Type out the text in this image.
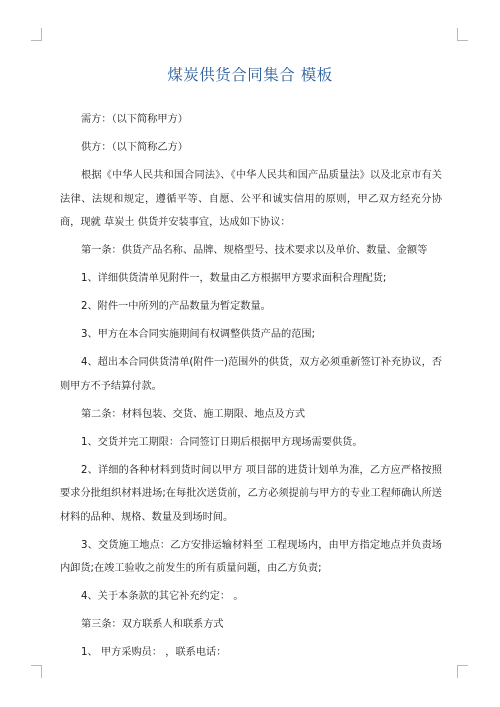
煤炭供货合同集合 模板

需方：（以下简称甲方）

供方：（以下简称乙方）

根据《中华人民共和国合同法》、《中华人民共和国产品质量法》以及北京市有关法律、法规和规定，遵循平等、自愿、公平和诚实信用的原则，甲乙双方经充分协商，现就 草炭土 供货并安装事宜，达成如下协议：

第一条：供货产品名称、品牌、规格型号、技术要求以及单价、数量、金额等

1、详细供货清单见附件一，数量由乙方根据甲方要求面积合理配货;

2、附件一中所列的产品数量为暂定数量。

3、甲方在本合同实施期间有权调整供货产品的范围;

4、超出本合同供货清单(附件一)范围外的供货，双方必须重新签订补充协议，否则甲方不予结算付款。

第二条：材料包装、交货、施工期限、地点及方式

1、交货并完工期限：合同签订日期后根据甲方现场需要供货。

2、详细的各种材料到货时间以甲方 项目部的进货计划单为准，乙方应严格按照要求分批组织材料进场;在每批次送货前，乙方必须提前与甲方的专业工程师确认所送材料的品种、规格、数量及到场时间。

3、交货施工地点：乙方安排运输材料至 工程现场内，由甲方指定地点并负责场内卸货;在竣工验收之前发生的所有质量问题，由乙方负责;

4、关于本条款的其它补充约定： 。

第三条：双方联系人和联系方式

1、 甲方采购员： ，联系电话：
